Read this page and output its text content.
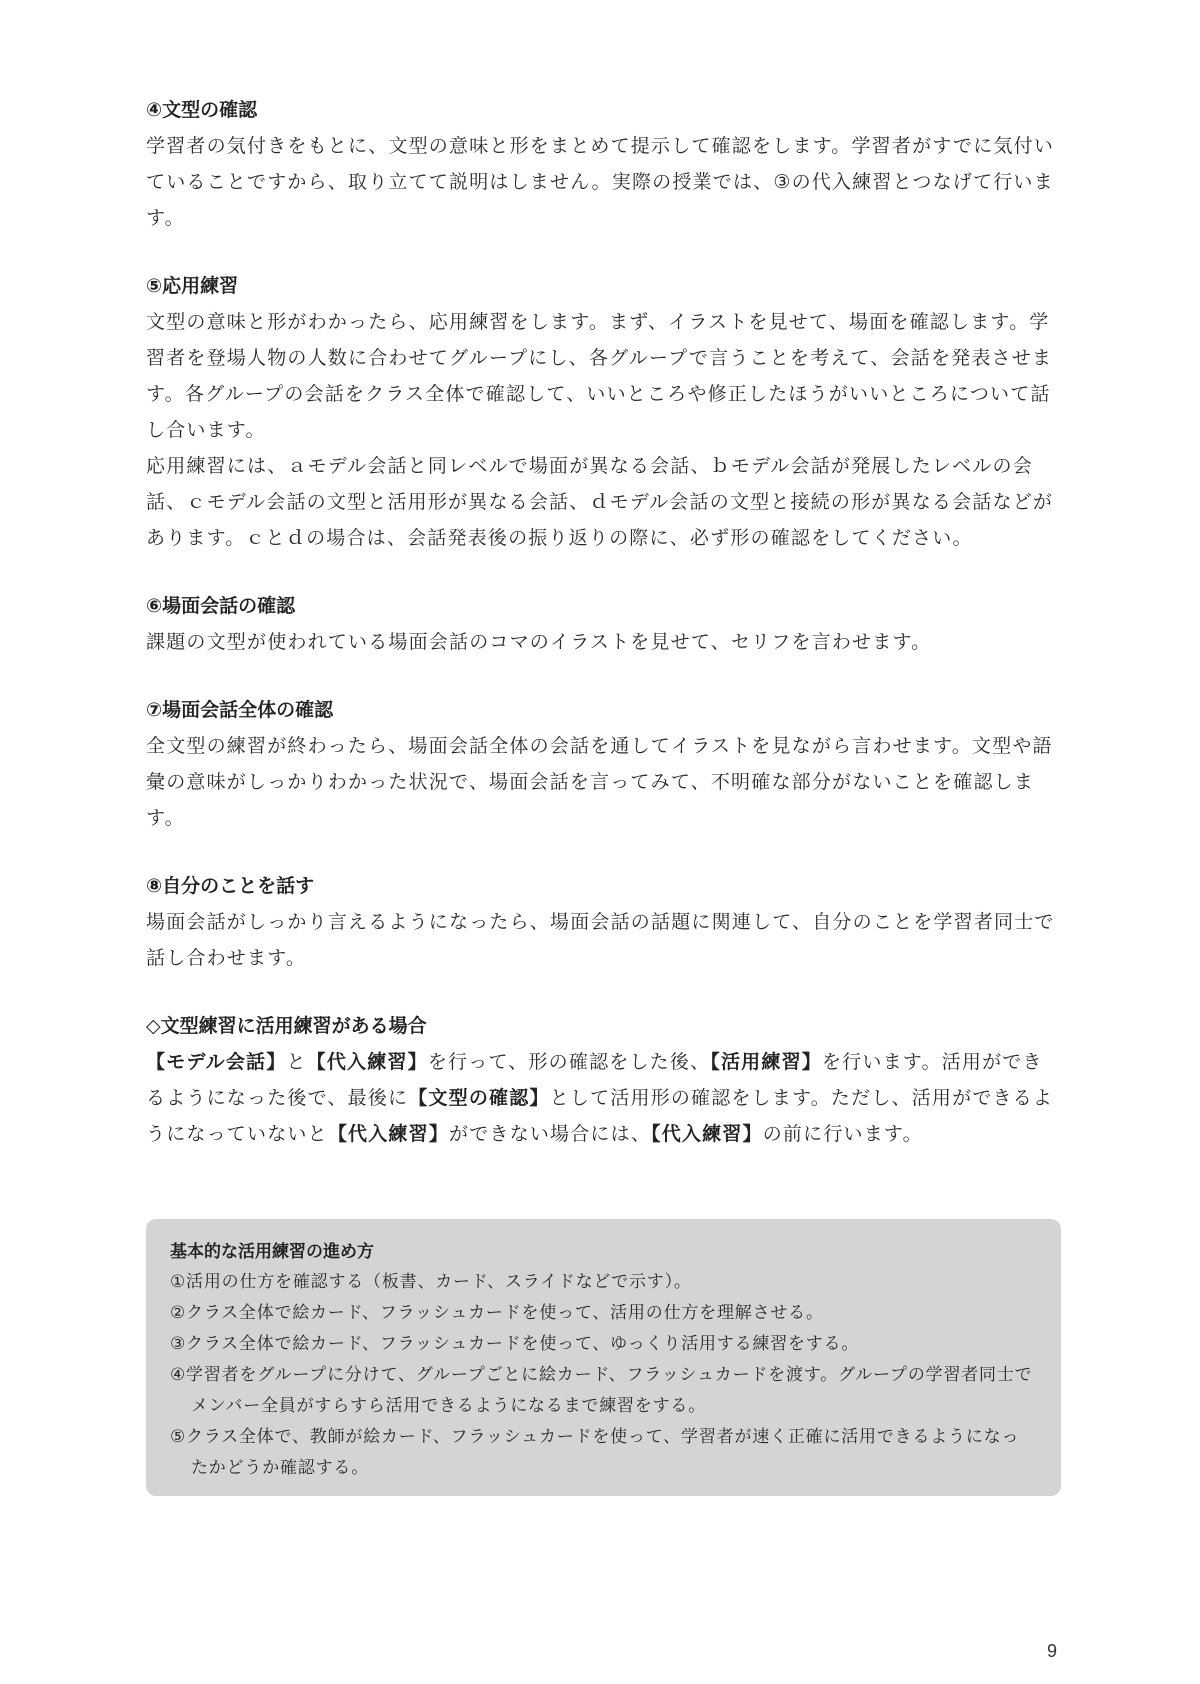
④文型の確認

学習者の気付きをもとに、文型の意味と形をまとめて提示して確認をします。学習者がすでに気付いていることですから、取り立てて説明はしません。実際の授業では、③の代入練習とつなげて行います。

⑤応用練習

文型の意味と形がわかったら、応用練習をします。まず、イラストを見せて、場面を確認します。学習者を登場人物の人数に合わせてグループにし、各グループで言うことを考えて、会話を発表させます。各グループの会話をクラス全体で確認して、いいところや修正したほうがいいところについて話し合います。

応用練習には、ａモデル会話と同レベルで場面が異なる会話、ｂモデル会話が発展したレベルの会話、ｃモデル会話の文型と活用形が異なる会話、ｄモデル会話の文型と接続の形が異なる会話などがあります。ｃとｄの場合は、会話発表後の振り返りの際に、必ず形の確認をしてください。

⑥場面会話の確認

課題の文型が使われている場面会話のコマのイラストを見せて、セリフを言わせます。

⑦場面会話全体の確認

全文型の練習が終わったら、場面会話全体の会話を通してイラストを見ながら言わせます。文型や語彙の意味がしっかりわかった状況で、場面会話を言ってみて、不明確な部分がないことを確認します。

⑧自分のことを話す

場面会話がしっかり言えるようになったら、場面会話の話題に関連して、自分のことを学習者同士で話し合わせます。

◇文型練習に活用練習がある場合

【モデル会話】と【代入練習】を行って、形の確認をした後、【活用練習】を行います。活用ができるようになった後で、最後に【文型の確認】として活用形の確認をします。ただし、活用ができるようになっていないと【代入練習】ができない場合には、【代入練習】の前に行います。

基本的な活用練習の進め方

①活用の仕方を確認する（板書、カード、スライドなどで示す）。

②クラス全体で絵カード、フラッシュカードを使って、活用の仕方を理解させる。

③クラス全体で絵カード、フラッシュカードを使って、ゆっくり活用する練習をする。

④学習者をグループに分けて、グループごとに絵カード、フラッシュカードを渡す。グループの学習者同士でメンバー全員がすらすら活用できるようになるまで練習をする。

⑤クラス全体で、教師が絵カード、フラッシュカードを使って、学習者が速く正確に活用できるようになったかどうか確認する。

9
